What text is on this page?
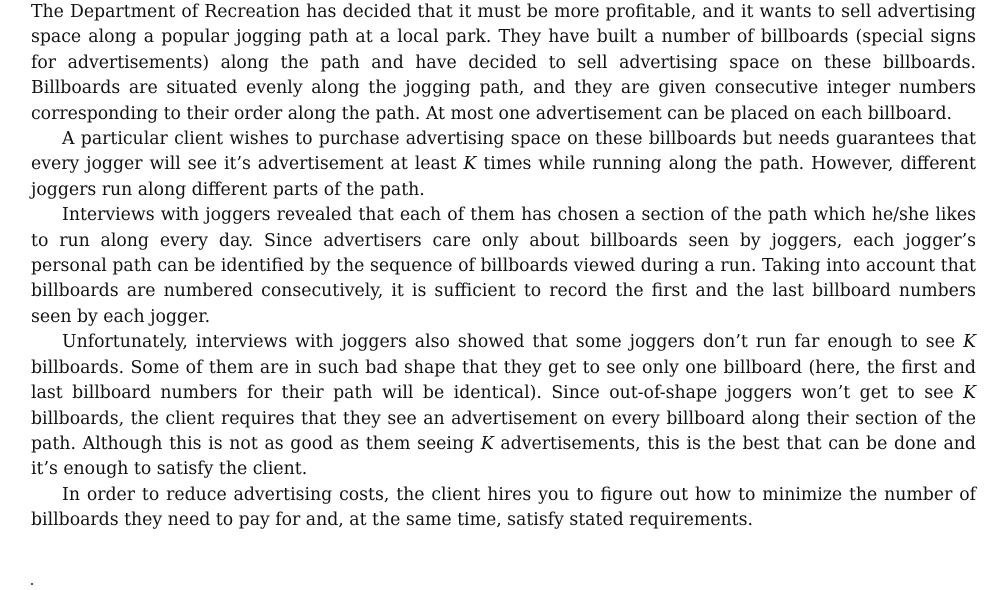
The Department of Recreation has decided that it must be more profitable, and it wants to sell advertising space along a popular jogging path at a local park. They have built a number of billboards (special signs for advertisements) along the path and have decided to sell advertising space on these billboards. Billboards are situated evenly along the jogging path, and they are given consecutive integer numbers corresponding to their order along the path. At most one advertisement can be placed on each billboard.

A particular client wishes to purchase advertising space on these billboards but needs guarantees that every jogger will see it’s advertisement at least K times while running along the path. However, different joggers run along different parts of the path.

Interviews with joggers revealed that each of them has chosen a section of the path which he/she likes to run along every day. Since advertisers care only about billboards seen by joggers, each jogger’s personal path can be identified by the sequence of billboards viewed during a run. Taking into account that billboards are numbered consecutively, it is sufficient to record the first and the last billboard numbers seen by each jogger.

Unfortunately, interviews with joggers also showed that some joggers don’t run far enough to see K billboards. Some of them are in such bad shape that they get to see only one billboard (here, the first and last billboard numbers for their path will be identical). Since out-of-shape joggers won’t get to see K billboards, the client requires that they see an advertisement on every billboard along their section of the path. Although this is not as good as them seeing K advertisements, this is the best that can be done and it’s enough to satisfy the client.

In order to reduce advertising costs, the client hires you to figure out how to minimize the number of billboards they need to pay for and, at the same time, satisfy stated requirements.
